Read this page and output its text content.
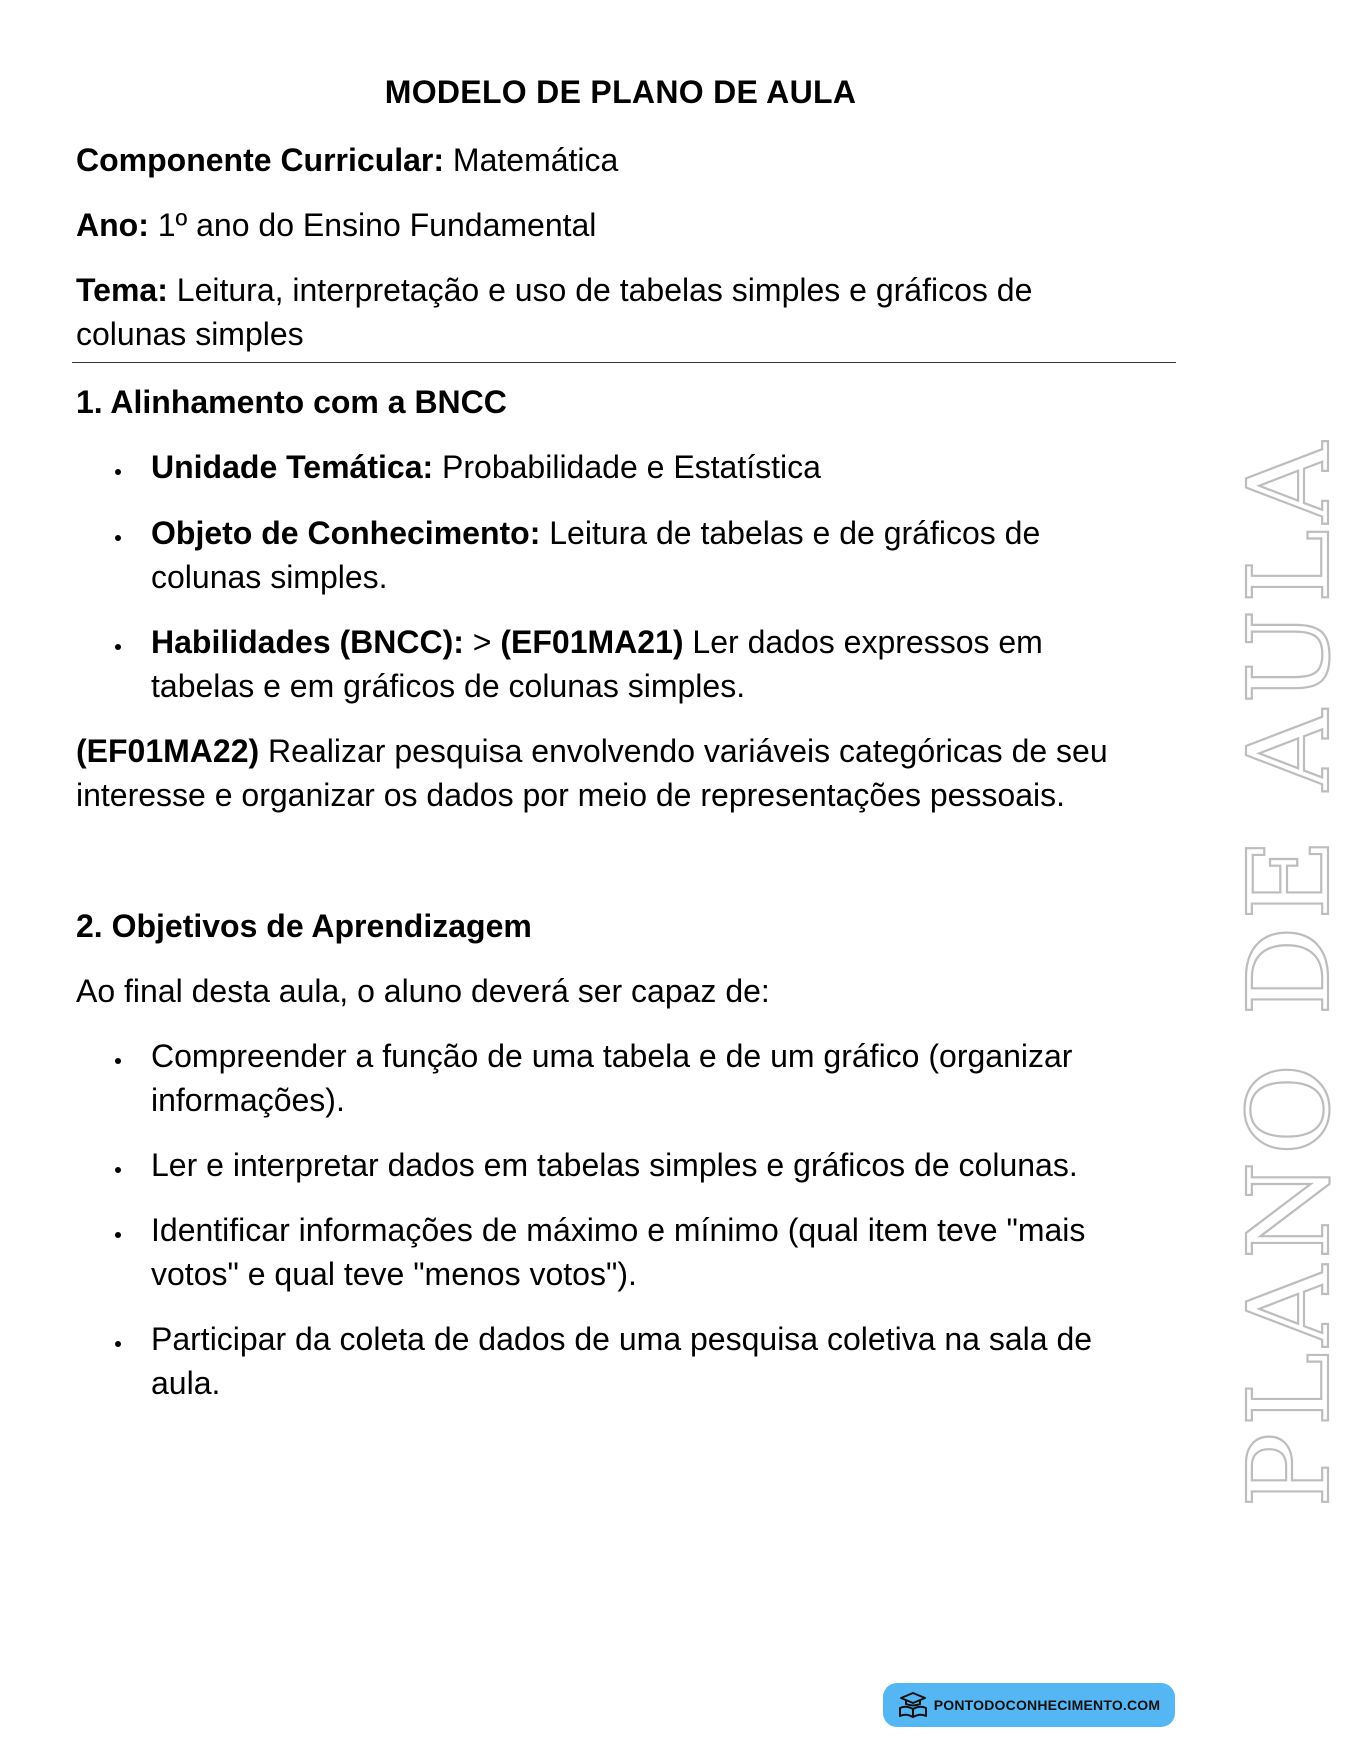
PLANO DE AULA
MODELO DE PLANO DE AULA
Componente Curricular: Matemática
Ano: 1º ano do Ensino Fundamental
Tema: Leitura, interpretação e uso de tabelas simples e gráficos de
colunas simples
1. Alinhamento com a BNCC
Unidade Temática: Probabilidade e Estatística
Objeto de Conhecimento: Leitura de tabelas e de gráficos de
colunas simples.
Habilidades (BNCC): > (EF01MA21) Ler dados expressos em
tabelas e em gráficos de colunas simples.
(EF01MA22) Realizar pesquisa envolvendo variáveis categóricas de seu
interesse e organizar os dados por meio de representações pessoais.
2. Objetivos de Aprendizagem
Ao final desta aula, o aluno deverá ser capaz de:
Compreender a função de uma tabela e de um gráfico (organizar
informações).
Ler e interpretar dados em tabelas simples e gráficos de colunas.
Identificar informações de máximo e mínimo (qual item teve "mais
votos" e qual teve "menos votos").
Participar da coleta de dados de uma pesquisa coletiva na sala de
aula.
PONTODOCONHECIMENTO.COM
